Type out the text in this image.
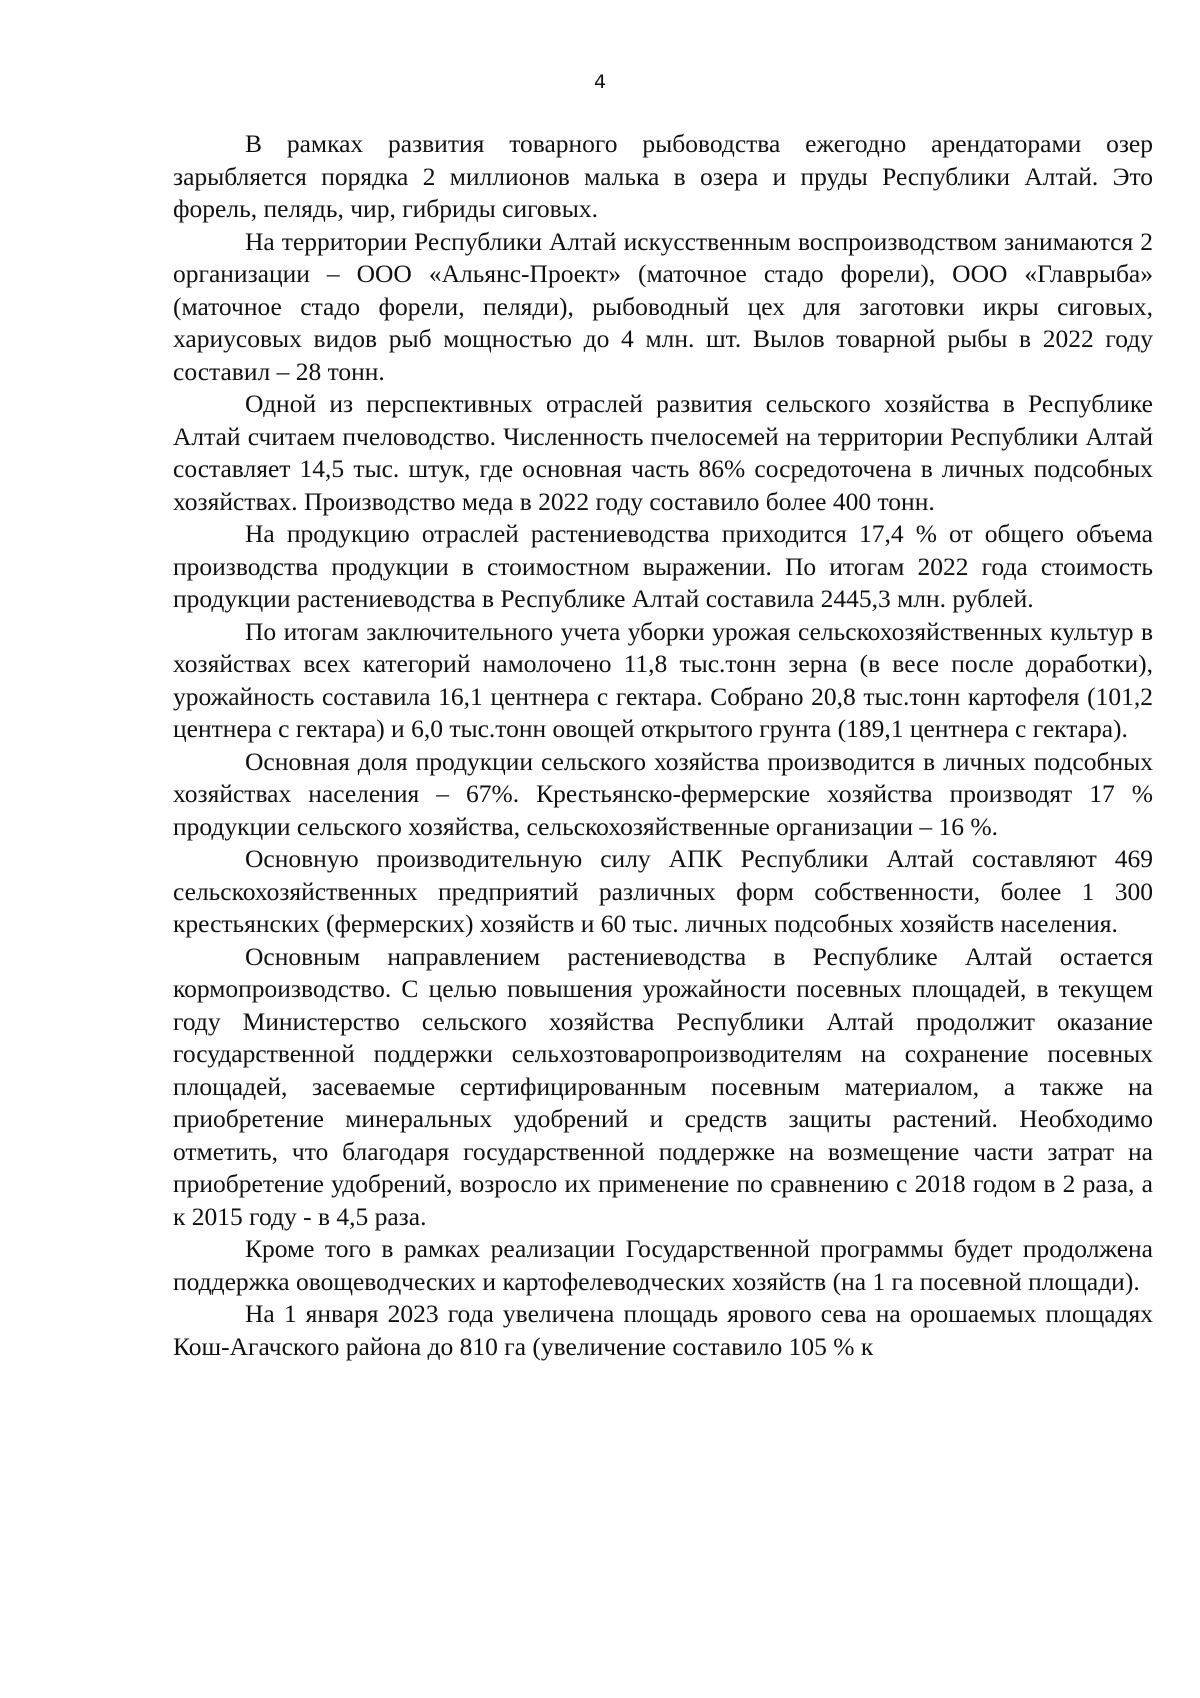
4

В рамках развития товарного рыбоводства ежегодно арендаторами озер зарыбляется порядка 2 миллионов малька в озера и пруды Республики Алтай. Это форель, пелядь, чир, гибриды сиговых.

На территории Республики Алтай искусственным воспроизводством занимаются 2 организации – ООО «Альянс-Проект» (маточное стадо форели), ООО «Главрыба» (маточное стадо форели, пеляди), рыбоводный цех для заготовки икры сиговых, хариусовых видов рыб мощностью до 4 млн. шт. Вылов товарной рыбы в 2022 году составил – 28 тонн.

Одной из перспективных отраслей развития сельского хозяйства в Республике Алтай считаем пчеловодство. Численность пчелосемей на территории Республики Алтай составляет 14,5 тыс. штук, где основная часть 86% сосредоточена в личных подсобных хозяйствах. Производство меда в 2022 году составило более 400 тонн.

На продукцию отраслей растениеводства приходится 17,4 % от общего объема производства продукции в стоимостном выражении. По итогам 2022 года стоимость продукции растениеводства в Республике Алтай составила 2445,3 млн. рублей.

По итогам заключительного учета уборки урожая сельскохозяйственных культур в хозяйствах всех категорий намолочено 11,8 тыс.тонн зерна (в весе после доработки), урожайность составила 16,1 центнера с гектара. Собрано 20,8 тыс.тонн картофеля (101,2 центнера с гектара) и 6,0 тыс.тонн овощей открытого грунта (189,1 центнера с гектара).

Основная доля продукции сельского хозяйства производится в личных подсобных хозяйствах населения – 67%. Крестьянско-фермерские хозяйства производят 17 % продукции сельского хозяйства, сельскохозяйственные организации – 16 %.

Основную производительную силу АПК Республики Алтай составляют 469 сельскохозяйственных предприятий различных форм собственности, более 1 300 крестьянских (фермерских) хозяйств и 60 тыс. личных подсобных хозяйств населения.

Основным направлением растениеводства в Республике Алтай остается кормопроизводство. С целью повышения урожайности посевных площадей, в текущем году Министерство сельского хозяйства Республики Алтай продолжит оказание государственной поддержки сельхозтоваропроизводителям на сохранение посевных площадей, засеваемые сертифицированным посевным материалом, а также на приобретение минеральных удобрений и средств защиты растений. Необходимо отметить, что благодаря государственной поддержке на возмещение части затрат на приобретение удобрений, возросло их применение по сравнению с 2018 годом в 2 раза, а к 2015 году - в 4,5 раза.

Кроме того в рамках реализации Государственной программы будет продолжена поддержка овощеводческих и картофелеводческих хозяйств (на 1 га посевной площади).

На 1 января 2023 года увеличена площадь ярового сева на орошаемых площадях Кош-Агачского района до 810 га (увеличение составило 105 % к
